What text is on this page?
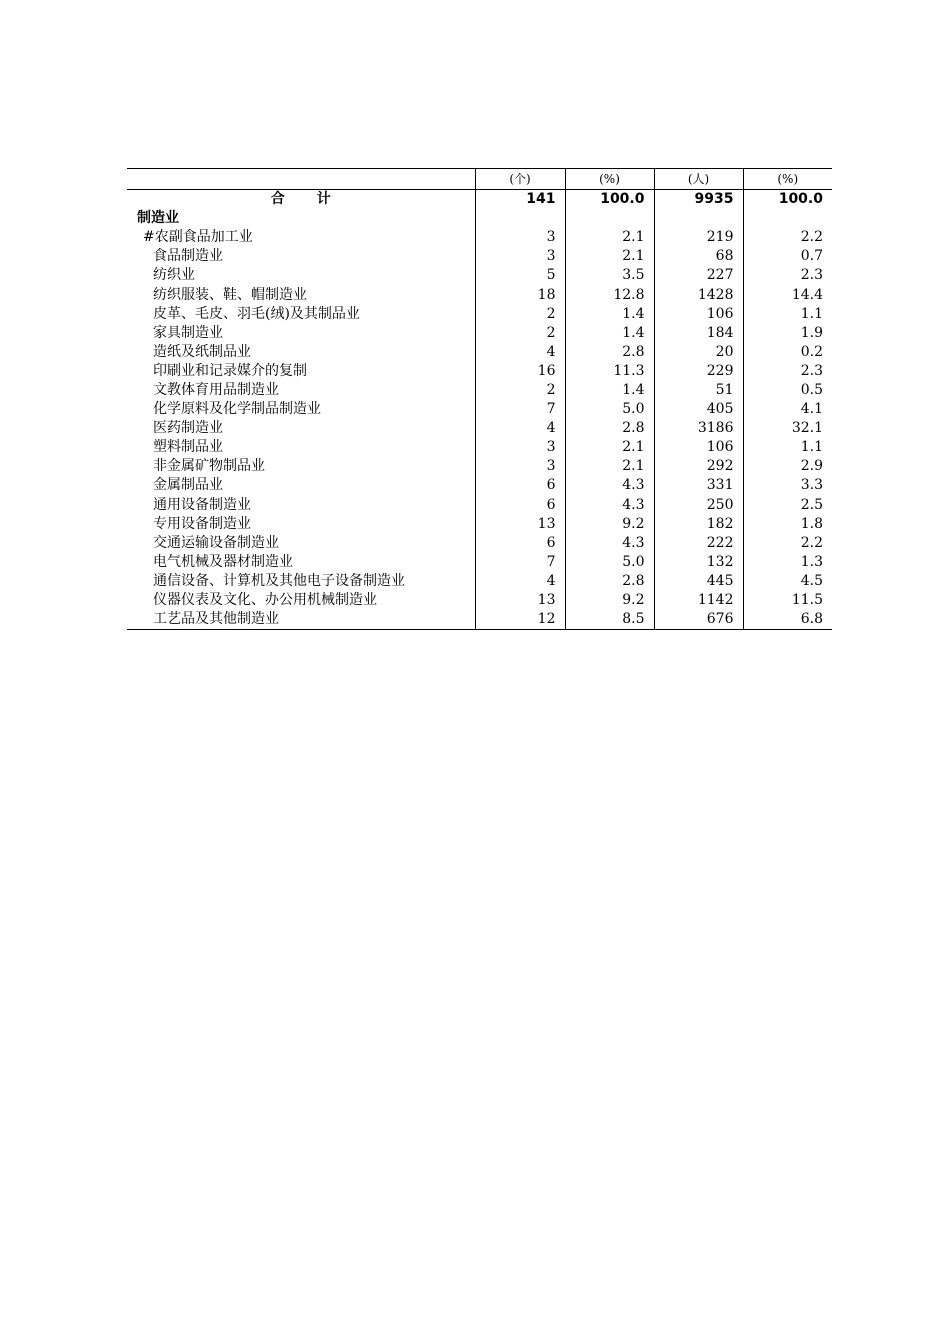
	(个)	(%)	(人)	(%)
合计	141	100.0	9935	100.0
制造业				
#农副食品加工业	3	2.1	219	2.2
食品制造业	3	2.1	68	0.7
纺织业	5	3.5	227	2.3
纺织服装、鞋、帽制造业	18	12.8	1428	14.4
皮革、毛皮、羽毛(绒)及其制品业	2	1.4	106	1.1
家具制造业	2	1.4	184	1.9
造纸及纸制品业	4	2.8	20	0.2
印刷业和记录媒介的复制	16	11.3	229	2.3
文教体育用品制造业	2	1.4	51	0.5
化学原料及化学制品制造业	7	5.0	405	4.1
医药制造业	4	2.8	3186	32.1
塑料制品业	3	2.1	106	1.1
非金属矿物制品业	3	2.1	292	2.9
金属制品业	6	4.3	331	3.3
通用设备制造业	6	4.3	250	2.5
专用设备制造业	13	9.2	182	1.8
交通运输设备制造业	6	4.3	222	2.2
电气机械及器材制造业	7	5.0	132	1.3
通信设备、计算机及其他电子设备制造业	4	2.8	445	4.5
仪器仪表及文化、办公用机械制造业	13	9.2	1142	11.5
工艺品及其他制造业	12	8.5	676	6.8
